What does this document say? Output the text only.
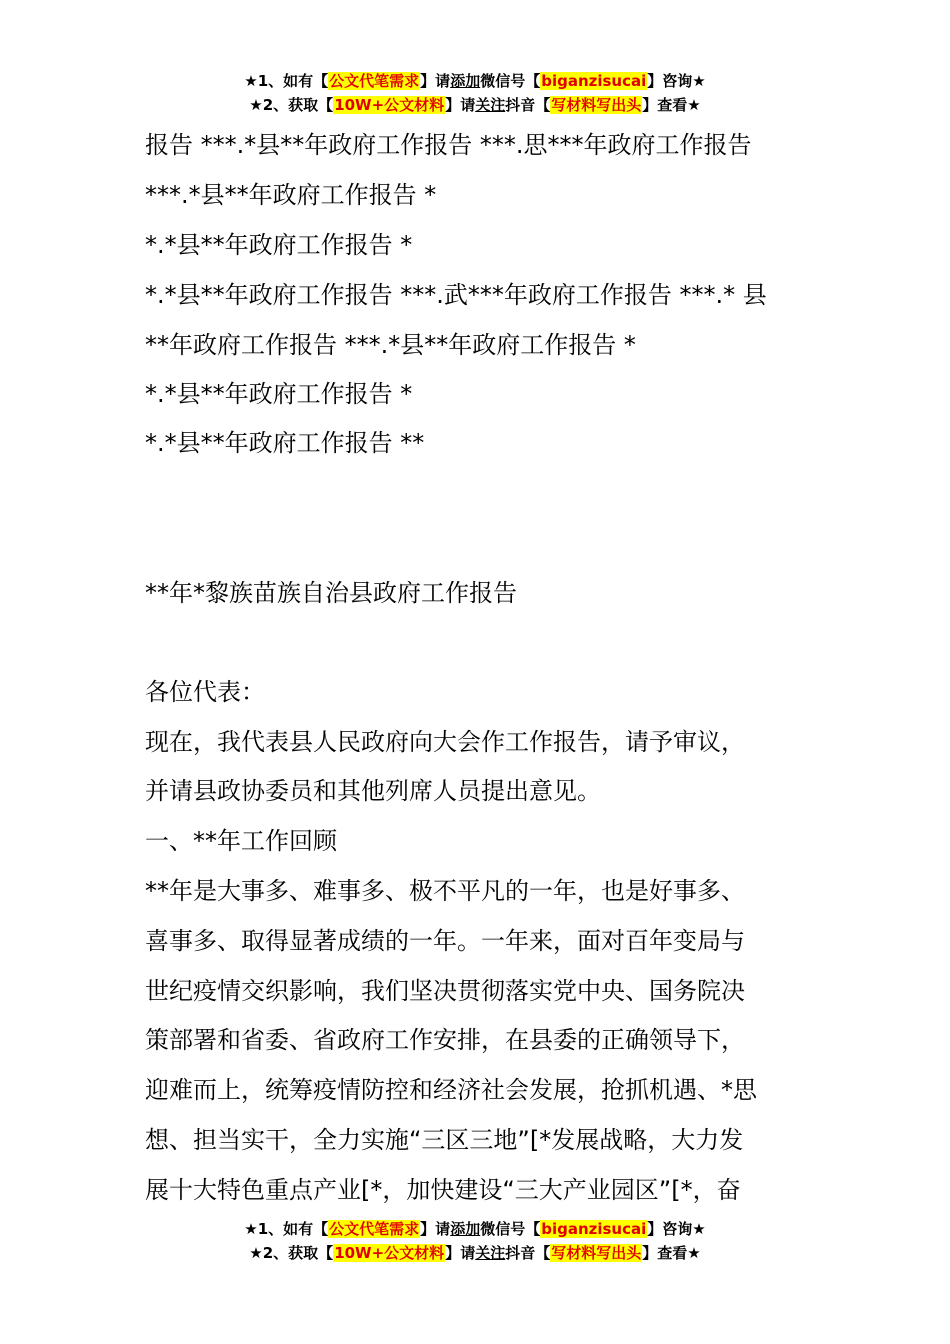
★1、如有【公文代笔需求】请添加微信号【biganzisucai】咨询★
★2、获取【10W+公文材料】请关注抖音【写材料写出头】查看★
报告 ***.*县**年政府工作报告 ***.思***年政府工作报告
***.*县**年政府工作报告 *
*.*县**年政府工作报告 *
*.*县**年政府工作报告 ***.武***年政府工作报告 ***.* 县
**年政府工作报告 ***.*县**年政府工作报告 *
*.*县**年政府工作报告 *
*.*县**年政府工作报告 **
**年*黎族苗族自治县政府工作报告
各位代表：
现在，我代表县人民政府向大会作工作报告，请予审议，
并请县政协委员和其他列席人员提出意见。
一、**年工作回顾
**年是大事多、难事多、极不平凡的一年，也是好事多、
喜事多、取得显著成绩的一年。一年来，面对百年变局与
世纪疫情交织影响，我们坚决贯彻落实党中央、国务院决
策部署和省委、省政府工作安排，在县委的正确领导下，
迎难而上，统筹疫情防控和经济社会发展，抢抓机遇、*思
想、担当实干，全力实施“三区三地”[*发展战略，大力发
展十大特色重点产业[*，加快建设“三大产业园区”[*，奋
★1、如有【公文代笔需求】请添加微信号【biganzisucai】咨询★
★2、获取【10W+公文材料】请关注抖音【写材料写出头】查看★
